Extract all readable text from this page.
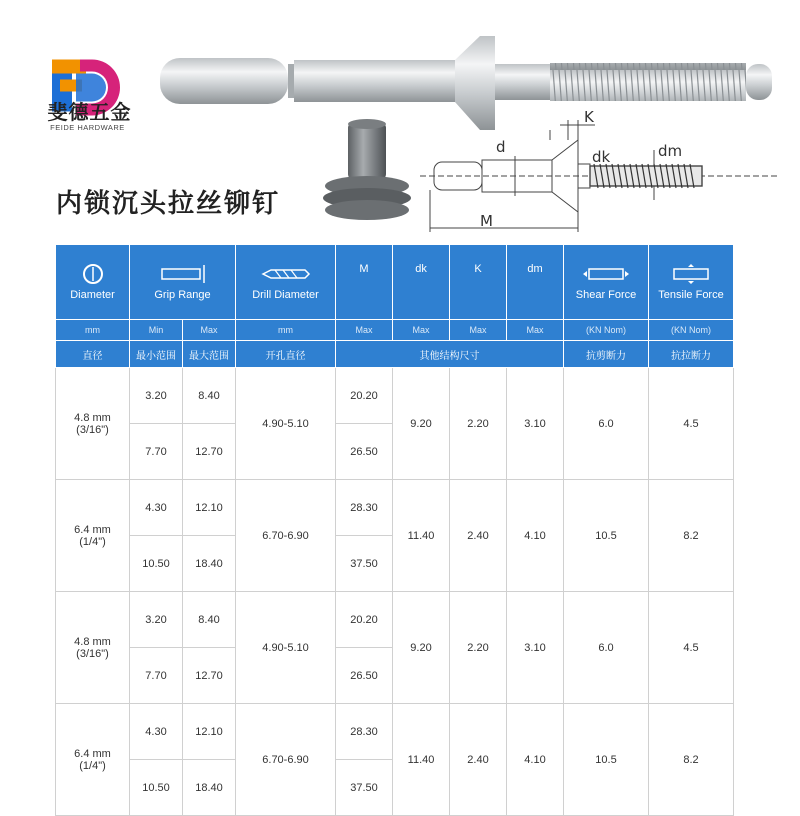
斐德五金
FEIDE HARDWARE
K
d
dk	dm
M
内锁沉头拉丝铆钉
Diameter	Grip Range		Drill Diameter	M	dk	K	dm	Shear Force	Tensile Force

mm	Min	Max	mm	Max	Max	Max	Max	(KN Nom)	(KN Nom)
直径	最小范围	最大范围	开孔直径	其他结构尺寸				抗剪断力	抗拉断力

4.8 mm
(3/16")	3.20	8.40	4.90-5.10	20.20	9.20	2.20	3.10	6.0	4.5
	7.70	12.70		26.50					

6.4 mm
(1/4")	4.30	12.10	6.70-6.90	28.30	11.40	2.40	4.10	10.5	8.2
	10.50	18.40		37.50					

4.8 mm
(3/16")	3.20	8.40	4.90-5.10	20.20	9.20	2.20	3.10	6.0	4.5
	7.70	12.70		26.50					

6.4 mm
(1/4")	4.30	12.10	6.70-6.90	28.30	11.40	2.40	4.10	10.5	8.2
	10.50	18.40		37.50					
